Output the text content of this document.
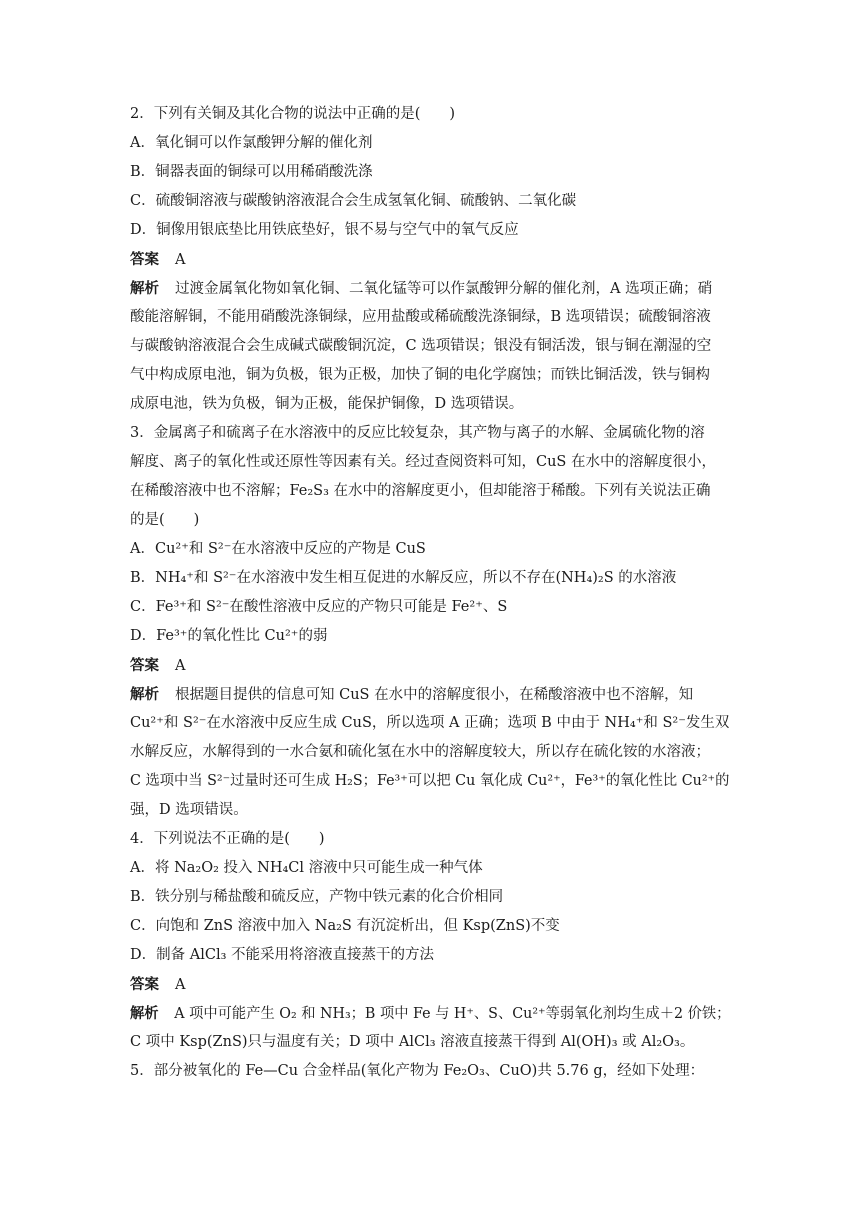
2．下列有关铜及其化合物的说法中正确的是(　　)
A．氧化铜可以作氯酸钾分解的催化剂
B．铜器表面的铜绿可以用稀硝酸洗涤
C．硫酸铜溶液与碳酸钠溶液混合会生成氢氧化铜、硫酸钠、二氧化碳
D．铜像用银底垫比用铁底垫好，银不易与空气中的氧气反应
答案 A
解析 过渡金属氧化物如氧化铜、二氧化锰等可以作氯酸钾分解的催化剂，A 选项正确；硝
酸能溶解铜，不能用硝酸洗涤铜绿，应用盐酸或稀硫酸洗涤铜绿，B 选项错误；硫酸铜溶液
与碳酸钠溶液混合会生成碱式碳酸铜沉淀，C 选项错误；银没有铜活泼，银与铜在潮湿的空
气中构成原电池，铜为负极，银为正极，加快了铜的电化学腐蚀；而铁比铜活泼，铁与铜构
成原电池，铁为负极，铜为正极，能保护铜像，D 选项错误。
3．金属离子和硫离子在水溶液中的反应比较复杂，其产物与离子的水解、金属硫化物的溶
解度、离子的氧化性或还原性等因素有关。经过查阅资料可知，CuS 在水中的溶解度很小，
在稀酸溶液中也不溶解；Fe₂S₃ 在水中的溶解度更小，但却能溶于稀酸。下列有关说法正确
的是(　　)
A．Cu²⁺和 S²⁻在水溶液中反应的产物是 CuS
B．NH₄⁺和 S²⁻在水溶液中发生相互促进的水解反应，所以不存在(NH₄)₂S 的水溶液
C．Fe³⁺和 S²⁻在酸性溶液中反应的产物只可能是 Fe²⁺、S
D．Fe³⁺的氧化性比 Cu²⁺的弱
答案 A
解析 根据题目提供的信息可知 CuS 在水中的溶解度很小，在稀酸溶液中也不溶解，知
Cu²⁺和 S²⁻在水溶液中反应生成 CuS，所以选项 A 正确；选项 B 中由于 NH₄⁺和 S²⁻发生双
水解反应，水解得到的一水合氨和硫化氢在水中的溶解度较大，所以存在硫化铵的水溶液；
C 选项中当 S²⁻过量时还可生成 H₂S；Fe³⁺可以把 Cu 氧化成 Cu²⁺，Fe³⁺的氧化性比 Cu²⁺的
强，D 选项错误。
4．下列说法不正确的是(　　)
A．将 Na₂O₂ 投入 NH₄Cl 溶液中只可能生成一种气体
B．铁分别与稀盐酸和硫反应，产物中铁元素的化合价相同
C．向饱和 ZnS 溶液中加入 Na₂S 有沉淀析出，但 Ksp(ZnS)不变
D．制备 AlCl₃ 不能采用将溶液直接蒸干的方法
答案 A
解析 A 项中可能产生 O₂ 和 NH₃；B 项中 Fe 与 H⁺、S、Cu²⁺等弱氧化剂均生成＋2 价铁；
C 项中 Ksp(ZnS)只与温度有关；D 项中 AlCl₃ 溶液直接蒸干得到 Al(OH)₃ 或 Al₂O₃。
5．部分被氧化的 Fe—Cu 合金样品(氧化产物为 Fe₂O₃、CuO)共 5.76 g，经如下处理：
